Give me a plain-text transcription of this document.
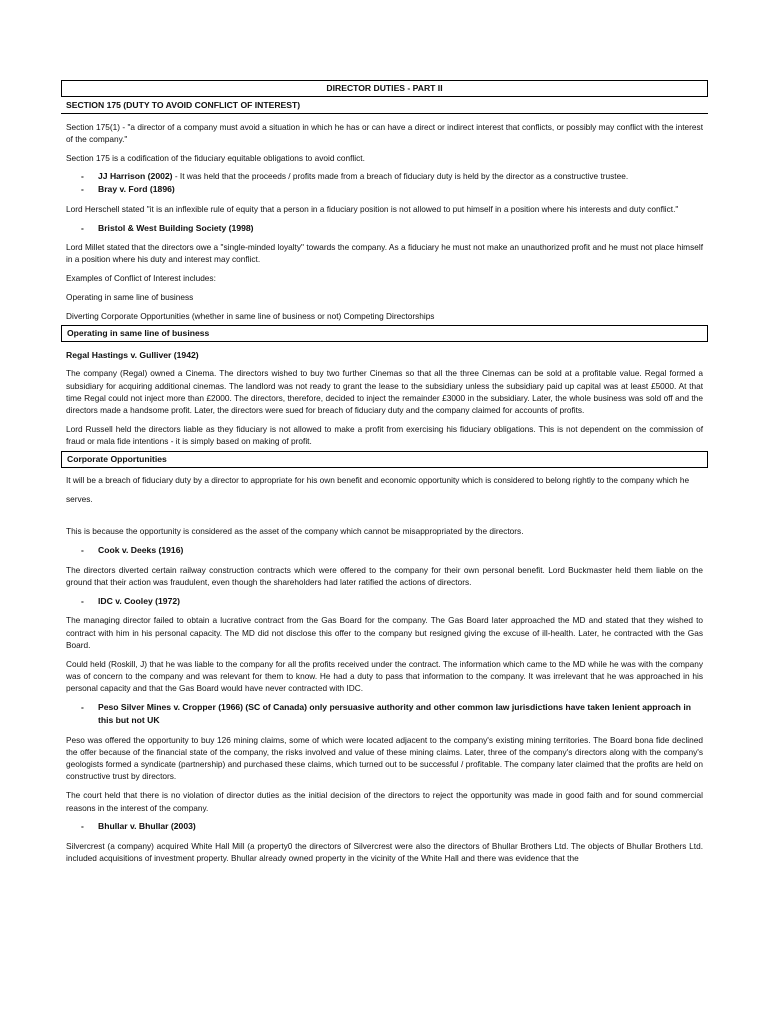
DIRECTOR DUTIES - PART II
SECTION 175 (DUTY TO AVOID CONFLICT OF INTEREST)

Section 175(1) - "a director of a company must avoid a situation in which he has or can have a direct or indirect interest that conflicts, or possibly may conflict with the interest of the company."

Section 175 is a codification of the fiduciary equitable obligations to avoid conflict.

-	JJ Harrison (2002) - It was held that the proceeds / profits made from a breach of fiduciary duty is held by the director as a constructive trustee.
-	Bray v. Ford (1896)

Lord Herschell stated "it is an inflexible rule of equity that a person in a fiduciary position is not allowed to put himself in a position where his interests and duty conflict."

-	Bristol & West Building Society (1998)

Lord Millet stated that the directors owe a "single-minded loyalty" towards the company. As a fiduciary he must not make an unauthorized profit and he must not place himself in a position where his duty and interest may conflict.

Examples of Conflict of Interest includes:

Operating in same line of business

Diverting Corporate Opportunities (whether in same line of business or not) Competing Directorships

Operating in same line of business

Regal Hastings v. Gulliver (1942)

The company (Regal) owned a Cinema. The directors wished to buy two further Cinemas so that all the three Cinemas can be sold at a profitable value. Regal formed a subsidiary for acquiring additional cinemas. The landlord was not ready to grant the lease to the subsidiary unless the subsidiary paid up capital was at least £5000. At that time Regal could not inject more than £2000. The directors, therefore, decided to inject the remainder £3000 in the subsidiary. Later, the whole business was sold off and the directors made a handsome profit. Later, the directors were sued for breach of fiduciary duty and the company claimed for accounts of profits.

Lord Russell held the directors liable as they fiduciary is not allowed to make a profit from exercising his fiduciary obligations. This is not dependent on the commission of fraud or mala fide intentions - it is simply based on making of profit.

Corporate Opportunities

It will be a breach of fiduciary duty by a director to appropriate for his own benefit and economic opportunity which is considered to belong rightly to the company which he

serves.

This is because the opportunity is considered as the asset of the company which cannot be misappropriated by the directors.

-	Cook v. Deeks (1916)

The directors diverted certain railway construction contracts which were offered to the company for their own personal benefit. Lord Buckmaster held them liable on the ground that their action was fraudulent, even though the shareholders had later ratified the actions of directors.

-	IDC v. Cooley (1972)

The managing director failed to obtain a lucrative contract from the Gas Board for the company. The Gas Board later approached the MD and stated that they wished to contract with him in his personal capacity. The MD did not disclose this offer to the company but resigned giving the excuse of ill-health. Later, he contracted with the Gas Board.

Could held (Roskill, J) that he was liable to the company for all the profits received under the contract. The information which came to the MD while he was with the company was of concern to the company and was relevant for them to know. He had a duty to pass that information to the company. It was irrelevant that he was approached in his personal capacity and that the Gas Board would have never contracted with IDC.

-	Peso Silver Mines v. Cropper (1966) (SC of Canada) only persuasive authority and other common law jurisdictions have taken lenient approach in this but not UK

Peso was offered the opportunity to buy 126 mining claims, some of which were located adjacent to the company's existing mining territories. The Board bona fide declined the offer because of the financial state of the company, the risks involved and value of these mining claims. Later, three of the company's directors along with the company's geologists formed a syndicate (partnership) and purchased these claims, which turned out to be successful / profitable. The company later claimed that the profits are held on constructive trust by directors.

The court held that there is no violation of director duties as the initial decision of the directors to reject the opportunity was made in good faith and for sound commercial reasons in the interest of the company.

-	Bhullar v. Bhullar (2003)

Silvercrest (a company) acquired White Hall Mill (a property0 the directors of Silvercrest were also the directors of Bhullar Brothers Ltd. The objects of Bhullar Brothers Ltd. included acquisitions of investment property. Bhullar already owned property in the vicinity of the White Hall and there was evidence that the
